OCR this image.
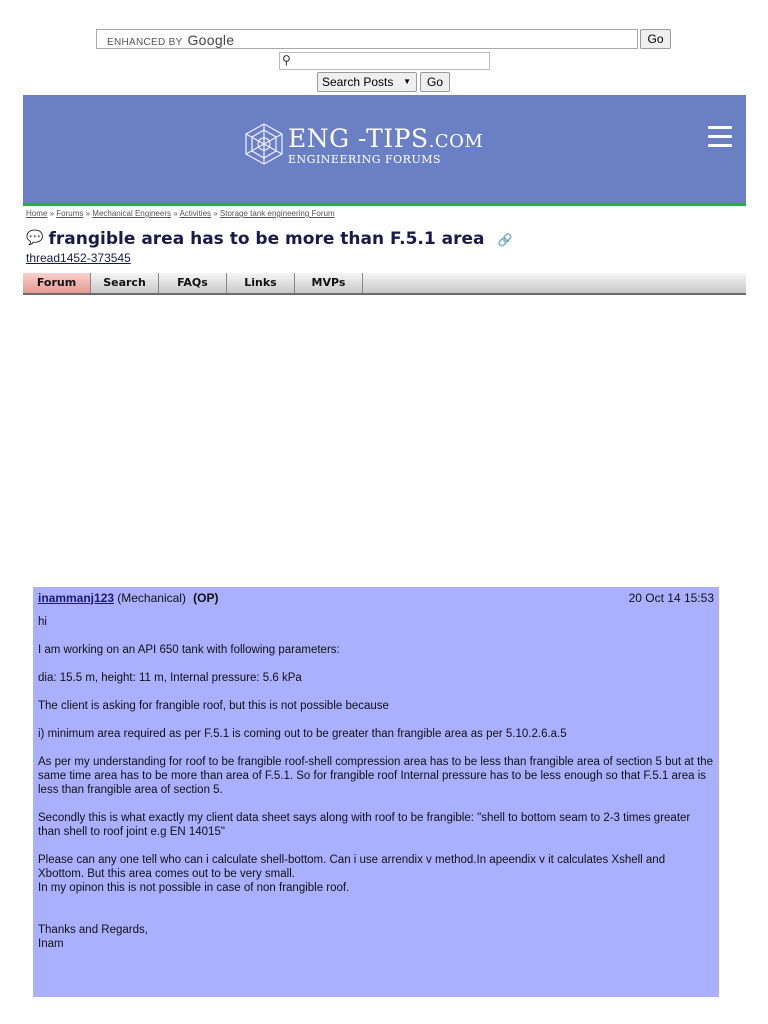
ENHANCED BY Google	Go
⚲
Search Posts ▼	Go
ENG -TIPS.COM
ENGINEERING FORUMS
Home » Forums » Mechanical Engineers » Activities » Storage tank engineering Forum
💬 frangible area has to be more than F.5.1 area 🔗
thread1452-373545
Forum	Search	FAQs	Links	MVPs
inammanj123 (Mechanical) (OP)	20 Oct 14 15:53

hi

I am working on an API 650 tank with following parameters:

dia: 15.5 m, height: 11 m, Internal pressure: 5.6 kPa

The client is asking for frangible roof, but this is not possible because

i) minimum area required as per F.5.1 is coming out to be greater than frangible area as per 5.10.2.6.a.5

As per my understanding for roof to be frangible roof-shell compression area has to be less than frangible area of section 5 but at the same time area has to be more than area of F.5.1. So for frangible roof Internal pressure has to be less enough so that F.5.1 area is less than frangible area of section 5.

Secondly this is what exactly my client data sheet says along with roof to be frangible: "shell to bottom seam to 2-3 times greater than shell to roof joint e.g EN 14015"

Please can any one tell who can i calculate shell-bottom. Can i use arrendix v method.In apeendix v it calculates Xshell and Xbottom. But this area comes out to be very small.
In my opinon this is not possible in case of non frangible roof.

Thanks and Regards,
Inam
